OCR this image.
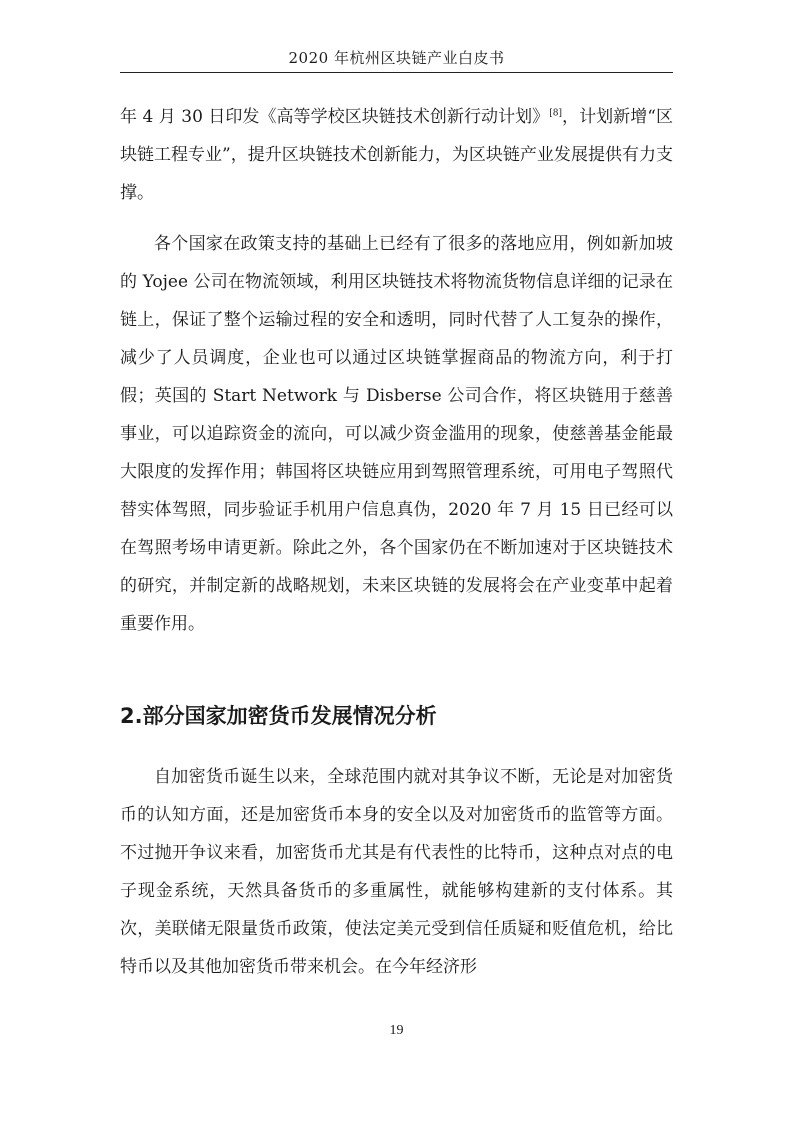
2020 年杭州区块链产业白皮书
年 4 月 30 日印发《高等学校区块链技术创新行动计划》[8]，计划新增“区块链工程专业”，提升区块链技术创新能力，为区块链产业发展提供有力支撑。
各个国家在政策支持的基础上已经有了很多的落地应用，例如新加坡的 Yojee 公司在物流领域，利用区块链技术将物流货物信息详细的记录在链上，保证了整个运输过程的安全和透明，同时代替了人工复杂的操作，减少了人员调度，企业也可以通过区块链掌握商品的物流方向，利于打假；英国的 Start Network 与 Disberse 公司合作，将区块链用于慈善事业，可以追踪资金的流向，可以减少资金滥用的现象，使慈善基金能最大限度的发挥作用；韩国将区块链应用到驾照管理系统，可用电子驾照代替实体驾照，同步验证手机用户信息真伪，2020 年 7 月 15 日已经可以在驾照考场申请更新。除此之外，各个国家仍在不断加速对于区块链技术的研究，并制定新的战略规划，未来区块链的发展将会在产业变革中起着重要作用。
2.部分国家加密货币发展情况分析
自加密货币诞生以来，全球范围内就对其争议不断，无论是对加密货币的认知方面，还是加密货币本身的安全以及对加密货币的监管等方面。不过抛开争议来看，加密货币尤其是有代表性的比特币，这种点对点的电子现金系统，天然具备货币的多重属性，就能够构建新的支付体系。其次，美联储无限量货币政策，使法定美元受到信任质疑和贬值危机，给比特币以及其他加密货币带来机会。在今年经济形
19
